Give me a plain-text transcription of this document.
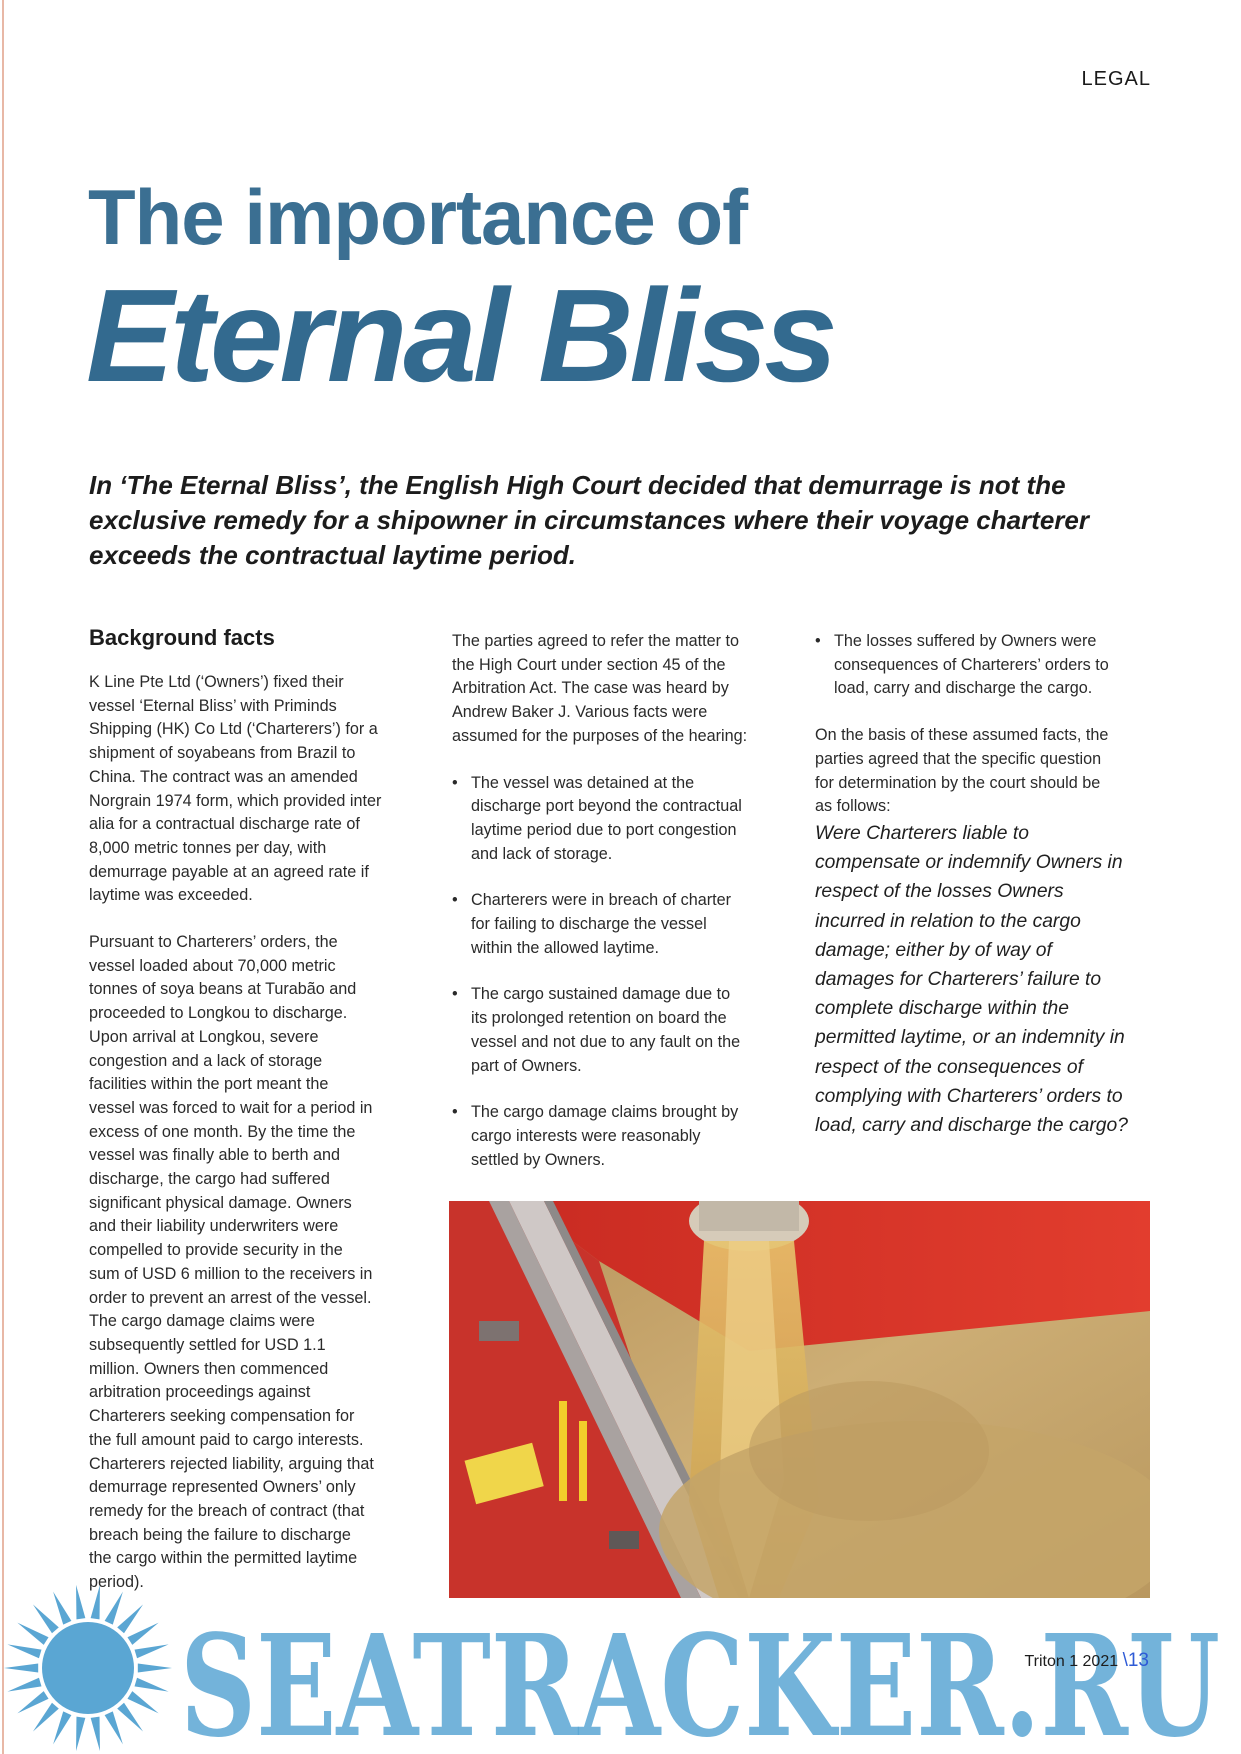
LEGAL
The importance of
Eternal Bliss
In ‘The Eternal Bliss’, the English High Court decided that demurrage is not the
exclusive remedy for a shipowner in circumstances where their voyage charterer
exceeds the contractual laytime period.
Background facts

K Line Pte Ltd (‘Owners’) fixed their
vessel ‘Eternal Bliss’ with Priminds
Shipping (HK) Co Ltd (‘Charterers’) for a
shipment of soyabeans from Brazil to
China. The contract was an amended
Norgrain 1974 form, which provided inter
alia for a contractual discharge rate of
8,000 metric tonnes per day, with
demurrage payable at an agreed rate if
laytime was exceeded.

Pursuant to Charterers’ orders, the
vessel loaded about 70,000 metric
tonnes of soya beans at Turabão and
proceeded to Longkou to discharge.
Upon arrival at Longkou, severe
congestion and a lack of storage
facilities within the port meant the
vessel was forced to wait for a period in
excess of one month. By the time the
vessel was finally able to berth and
discharge, the cargo had suffered
significant physical damage. Owners
and their liability underwriters were
compelled to provide security in the
sum of USD 6 million to the receivers in
order to prevent an arrest of the vessel.
The cargo damage claims were
subsequently settled for USD 1.1
million. Owners then commenced
arbitration proceedings against
Charterers seeking compensation for
the full amount paid to cargo interests.
Charterers rejected liability, arguing that
demurrage represented Owners’ only
remedy for the breach of contract (that
breach being the failure to discharge
the cargo within the permitted laytime
period).

The parties agreed to refer the matter to
the High Court under section 45 of the
Arbitration Act. The case was heard by
Andrew Baker J. Various facts were
assumed for the purposes of the hearing:

• The vessel was detained at the
discharge port beyond the contractual
laytime period due to port congestion
and lack of storage.
• Charterers were in breach of charter
for failing to discharge the vessel
within the allowed laytime.
• The cargo sustained damage due to
its prolonged retention on board the
vessel and not due to any fault on the
part of Owners.
• The cargo damage claims brought by
cargo interests were reasonably
settled by Owners.
• The losses suffered by Owners were
consequences of Charterers’ orders to
load, carry and discharge the cargo.

On the basis of these assumed facts, the
parties agreed that the specific question
for determination by the court should be
as follows:

Were Charterers liable to
compensate or indemnify Owners in
respect of the losses Owners
incurred in relation to the cargo
damage; either by of way of
damages for Charterers’ failure to
complete discharge within the
permitted laytime, or an indemnity in
respect of the consequences of
complying with Charterers’ orders to
load, carry and discharge the cargo?

SEATRACKER.RU
Triton 1 2021 \13
